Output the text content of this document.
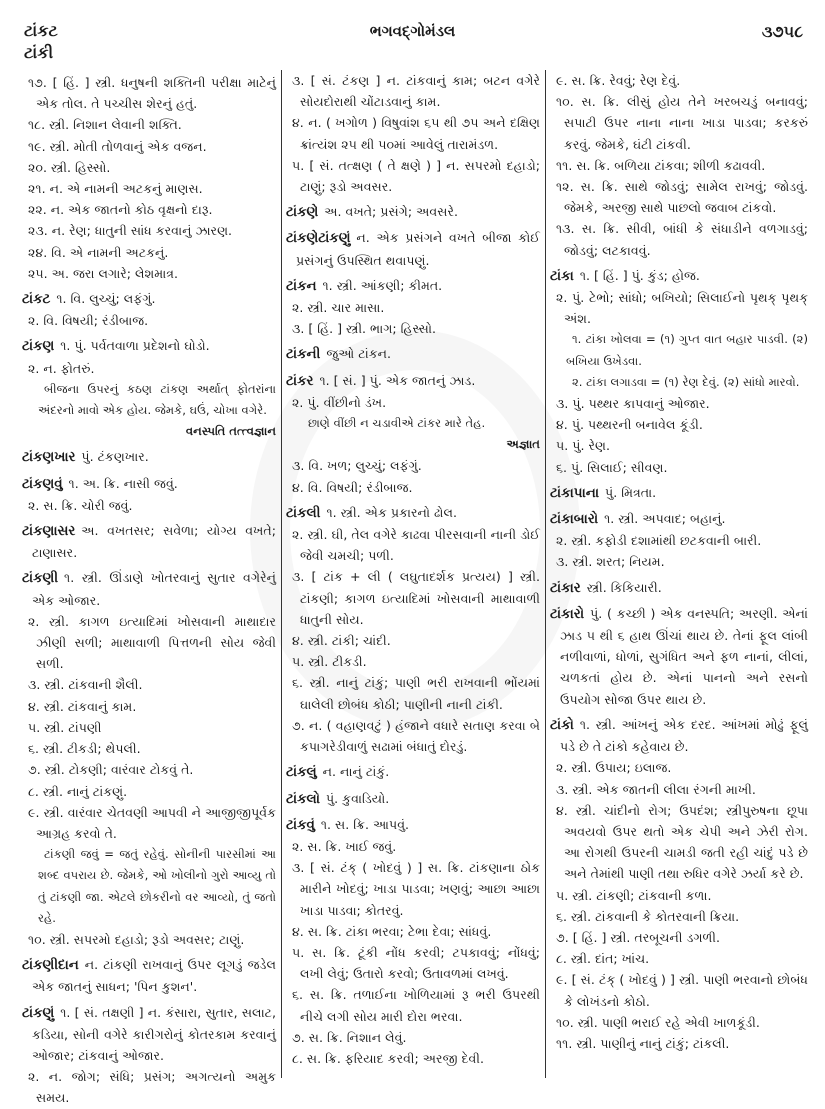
ટાંકટ
ટાંકી
ભગવદ્ગોમંડલ	૩૭૫૮

૧૭. [ હિં. ] સ્ત્રી. ધનુષની શક્તિની પરીક્ષા માટેનું એક તોલ. તે પચ્ચીસ શેરનું હતું.

૧૮. સ્ત્રી. નિશાન લેવાની શક્તિ.

૧૯. સ્ત્રી. મોતી તોળવાનું એક વજન.

૨૦. સ્ત્રી. હિસ્સો.

૨૧. ન. એ નામની અટકનું માણસ.

૨૨. ન. એક જાતનો કોઠ વૃક્ષનો દારૂ.

૨૩. ન. રેણ; ધાતુની સાંધ કરવાનું ઝારણ.

૨૪. વિ. એ નામની અટકનું.

૨૫. અ. જરા લગારે; લેશમાત્ર.

ટાંકટ ૧. વિ. લુચ્ચું; લફંગું.

૨. વિ. વિષયી; રંડીબાજ.

ટાંકણ ૧. પું. પર્વતવાળા પ્રદેશનો ઘોડો.

૨. ન. ફોતરું.

બીજના ઉપરનું કઠણ ટાંકણ અર્થાત્ ફોતરાંના અંદરનો માવો એક હોય. જેમકે, ઘઉં, ચોખા વગેરે.

વનસ્પતિ તત્ત્વજ્ઞાન

ટાંકણખાર પું. ટંકણખાર.

ટાંકણવું ૧. અ. ક્રિ. નાસી જવું.

૨. સ. ક્રિ. ચોરી જવું.

ટાંકણાસર અ. વખતસર; સવેળા; યોગ્ય વખતે; ટાણાસર.

ટાંકણી ૧. સ્ત્રી. ઊંડાણે ખોતરવાનું સુતાર વગેરેનું એક ઓજાર.

૨. સ્ત્રી. કાગળ ઇત્યાદિમાં ખોસવાની માથાદાર ઝીણી સળી; માથાવાળી પિત્તળની સોય જેવી સળી.

૩. સ્ત્રી. ટાંકવાની શૈલી.

૪. સ્ત્રી. ટાંકવાનું કામ.

૫. સ્ત્રી. ટાંપણી

૬. સ્ત્રી. ટીકડી; થેપલી.

૭. સ્ત્રી. ટોકણી; વારંવાર ટોકવું તે.

૮. સ્ત્રી. નાનું ટાંકણું.

૯. સ્ત્રી. વારંવાર ચેતવણી આપવી ને આજીજીપૂર્વક આગ્રહ કરવો તે.

ટાંકણી જવું = જતું રહેવું. સોનીની પારસીમાં આ શબ્દ વપરાય છે. જેમકે, ઓ ખોલીનો ગુરો આવ્યુ તો તું ટાંકણી જા. એટલે છોકરીનો વર આવ્યો, તું જતો રહે.

૧૦. સ્ત્રી. સપરમો દહાડો; રૂડો અવસર; ટાણું.

ટાંકણીદાન ન. ટાંકણી રાખવાનું ઉપર લૂગડું જડેલ એક જાતનું સાધન; 'પિન કુશન'.

ટાંકણું ૧. [ સં. તક્ષણી ] ન. કંસારા, સુતાર, સલાટ, કડિયા, સોની વગેરે કારીગરોનું કોતરકામ કરવાનું ઓજાર; ટાંકવાનું ઓજાર.

૨. ન. જોગ; સંધિ; પ્રસંગ; અગત્યનો અમુક સમય.

૩. [ સં. ટંકણ ] ન. ટાંકવાનું કામ; બટન વગેરે સોયદોરાથી ચોંટાડવાનું કામ.

૪. ન. ( ખગોળ ) વિષુવાંશ ૬૫ થી ૭૫ અને દક્ષિણ ક્રાંત્યંશ ૨૫ થી ૫૦માં આવેલું તારામંડળ.

૫. [ સં. તત્ક્ષણ ( તે ક્ષણે ) ] ન. સપરમો દહાડો; ટાણું; રૂડો અવસર.

ટાંકણે અ. વખતે; પ્રસંગે; અવસરે.

ટાંકણેટાંકણું ન. એક પ્રસંગને વખતે બીજા કોઈ પ્રસંગનું ઉપસ્થિત થવાપણું.

ટાંકન ૧. સ્ત્રી. આંકણી; કીમત.

૨. સ્ત્રી. ચાર માસા.

૩. [ હિં. ] સ્ત્રી. ભાગ; હિસ્સો.

ટાંકની જુઓ ટાંકન.

ટાંકર ૧. [ સં. ] પું. એક જાતનું ઝાડ.

૨. પું. વીંછીનો ડંખ.

છાણે વીંછી ન ચડાવીએ ટાંકર મારે તેહ.

અજ્ઞાત

૩. વિ. ખળ; લુચ્ચું; લફંગું.

૪. વિ. વિષયી; રંડીબાજ.

ટાંકલી ૧. સ્ત્રી. એક પ્રકારનો ઢોલ.

૨. સ્ત્રી. ઘી, તેલ વગેરે કાઢવા પીરસવાની નાની ડોઈ જેવી ચમચી; પળી.

૩. [ ટાંક + લી ( લઘુતાદર્શક પ્રત્યય) ] સ્ત્રી. ટાંકણી; કાગળ ઇત્યાદિમાં ખોસવાની માથાવાળી ધાતુની સોય.

૪. સ્ત્રી. ટાંકી; ચાંદી.

૫. સ્ત્રી. ટીકડી.

૬. સ્ત્રી. નાનું ટાંકું; પાણી ભરી રાખવાની ભોંયમાં ઘાલેલી છોબંધ કોઠી; પાણીની નાની ટાંકી.

૭. ન. ( વહાણવટું ) હંજાને વધારે સતાણ કરવા બે કપાગરેડીવાળું સઢામાં બંધાતું દોરડું.

ટાંકલું ન. નાનું ટાંકું.

ટાંકલો પું. કુવાડિયો.

ટાંકવું ૧. સ. ક્રિ. આપવું.

૨. સ. ક્રિ. ખાઈ જવું.

૩. [ સં. ટંક્ ( ખોદવું ) ] સ. ક્રિ. ટાંકણાના ઠોક મારીને ખોદવું; ખાડા પાડવા; ખણવું; આછા આછા ખાડા પાડવા; કોતરવું.

૪. સ. ક્રિ. ટાંકા ભરવા; ટેભા દેવા; સાંધવું.

૫. સ. ક્રિ. ટૂંકી નોંધ કરવી; ટપકાવવું; નોંધવું; લખી લેવું; ઉતારો કરવો; ઉતાવળમાં લખવું.

૬. સ. ક્રિ. તળાઈના ખોળિયામાં રૂ ભરી ઉપરથી નીચે લગી સોય મારી દોરા ભરવા.

૭. સ. ક્રિ. નિશાન લેવું.

૮. સ. ક્રિ. ફરિયાદ કરવી; અરજી દેવી.

૯. સ. ક્રિ. રેવવું; રેણ દેવું.

૧૦. સ. ક્રિ. લીસું હોય તેને ખરબચડું બનાવવું; સપાટી ઉપર નાના નાના ખાડા પાડવા; કરકરું કરવું. જેમકે, ઘંટી ટાંકવી.

૧૧. સ. ક્રિ. બળિયા ટાંકવા; શીળી કઢાવવી.

૧૨. સ. ક્રિ. સાથે જોડવું; સામેલ રાખવું; જોડવું. જેમકે, અરજી સાથે પાછલો જવાબ ટાંકવો.

૧૩. સ. ક્રિ. સીવી, બાંધી કે સંધાડીને વળગાડવું; જોડવું; લટકાવવું.

ટાંકા ૧. [ હિં. ] પું. કુંડ; હોજ.

૨. પું. ટેભો; સાંધો; બખિયો; સિલાઈનો પૃથક્ પૃથક્ અંશ.

૧. ટાંકા ખોલવા = (૧) ગુપ્ત વાત બહાર પાડવી. (૨) બખિયા ઉખેડવા.

૨. ટાંકા લગાડવા = (૧) રેણ દેવું. (૨) સાંધો મારવો.

૩. પું. પથ્થર કાપવાનું ઓજાર.

૪. પું. પથ્થરની બનાવેલ કૂંડી.

૫. પું. રેણ.

૬. પું. સિલાઈ; સીવણ.

ટાંકાપાના પું. મિત્રતા.

ટાંકાબારો ૧. સ્ત્રી. અપવાદ; બહાનું.

૨. સ્ત્રી. કફોડી દશામાંથી છટકવાની બારી.

૩. સ્ત્રી. શરત; નિયમ.

ટાંકાર સ્ત્રી. કિકિયારી.

ટાંકારો પું. ( કચ્છી ) એક વનસ્પતિ; અરણી. એનાં ઝાડ ૫ થી ૬ હાથ ઊંચાં થાય છે. તેનાં ફૂલ લાંબી નળીવાળાં, ધોળાં, સુગંધિત અને ફળ નાનાં, લીલાં, ચળકતાં હોય છે. એનાં પાનનો અને રસનો ઉપયોગ સોજા ઉપર થાય છે.

ટાંકો ૧. સ્ત્રી. આંખનું એક દરદ. આંખમાં મોઢું ફૂલું પડે છે તે ટાંકો કહેવાય છે.

૨. સ્ત્રી. ઉપાય; ઇલાજ.

૩. સ્ત્રી. એક જાતની લીલા રંગની માખી.

૪. સ્ત્રી. ચાંદીનો રોગ; ઉપદંશ; સ્ત્રીપુરુષના છૂપા અવયવો ઉપર થતો એક ચેપી અને ઝેરી રોગ. આ રોગથી ઉપરની ચામડી જતી રહી ચાંદું પડે છે અને તેમાંથી પાણી તથા રુધિર વગેરે ઝર્યા કરે છે.

૫. સ્ત્રી. ટાંકણી; ટાંકવાની કળા.

૬. સ્ત્રી. ટાંકવાની કે કોતરવાની ક્રિયા.

૭. [ હિં. ] સ્ત્રી. તરબૂચની ડગળી.

૮. સ્ત્રી. દાંત; ખાંચ.

૯. [ સં. ટંક્ ( ખોદવું ) ] સ્ત્રી. પાણી ભરવાનો છોબંધ કે લોખંડનો કોઠો.

૧૦. સ્ત્રી. પાણી ભરાઈ રહે એવી ખાળકૂંડી.

૧૧. સ્ત્રી. પાણીનું નાનું ટાંકું; ટાંકલી.
